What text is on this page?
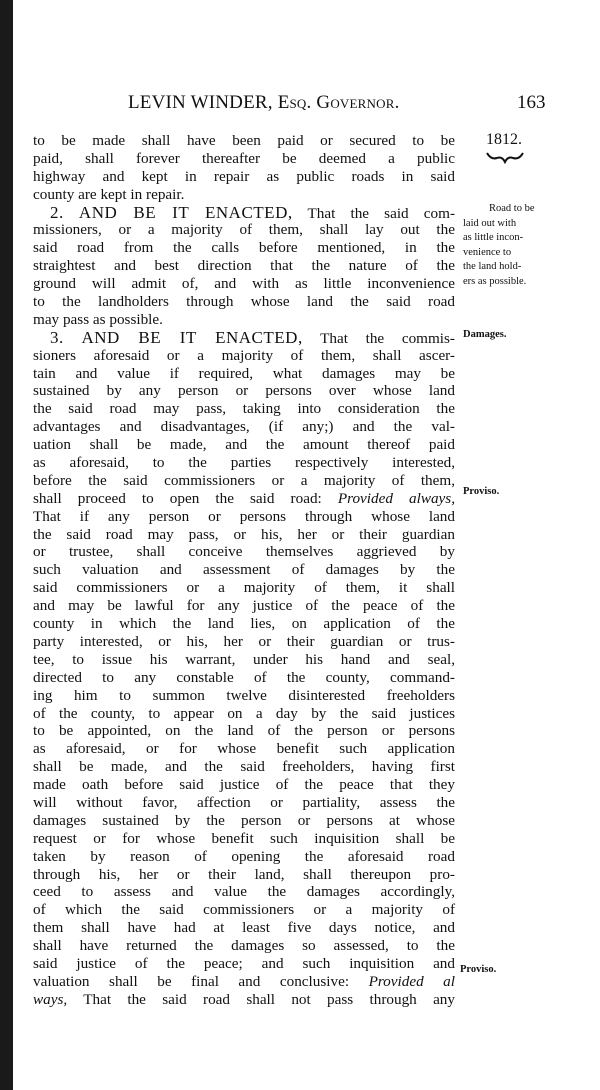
LEVIN WINDER, Esq. Governor.	163
1812.
Road to be
laid out with
as little incon-
venience to
the land hold-
ers as possible.
Damages.
Proviso.
Proviso.
to be made shall have been paid or secured to be
paid, shall forever thereafter be deemed a public
highway and kept in repair as public roads in said
county are kept in repair.
2. AND BE IT ENACTED, That the said com-
missioners, or a majority of them, shall lay out the
said road from the calls before mentioned, in the
straightest and best direction that the nature of the
ground will admit of, and with as little inconvenience
to the landholders through whose land the said road
may pass as possible.
3. AND BE IT ENACTED, That the commis-
sioners aforesaid or a majority of them, shall ascer-
tain and value if required, what damages may be
sustained by any person or persons over whose land
the said road may pass, taking into consideration the
advantages and disadvantages, (if any;) and the val-
uation shall be made, and the amount thereof paid
as aforesaid, to the parties respectively interested,
before the said commissioners or a majority of them,
shall proceed to open the said road: Provided always,
That if any person or persons through whose land
the said road may pass, or his, her or their guardian
or trustee, shall conceive themselves aggrieved by
such valuation and assessment of damages by the
said commissioners or a majority of them, it shall
and may be lawful for any justice of the peace of the
county in which the land lies, on application of the
party interested, or his, her or their guardian or trus-
tee, to issue his warrant, under his hand and seal,
directed to any constable of the county, command-
ing him to summon twelve disinterested freeholders
of the county, to appear on a day by the said justices
to be appointed, on the land of the person or persons
as aforesaid, or for whose benefit such application
shall be made, and the said freeholders, having first
made oath before said justice of the peace that they
will without favor, affection or partiality, assess the
damages sustained by the person or persons at whose
request or for whose benefit such inquisition shall be
taken by reason of opening the aforesaid road
through his, her or their land, shall thereupon pro-
ceed to assess and value the damages accordingly,
of which the said commissioners or a majority of
them shall have had at least five days notice, and
shall have returned the damages so assessed, to the
said justice of the peace; and such inquisition and
valuation shall be final and conclusive: Provided al
ways, That the said road shall not pass through any
